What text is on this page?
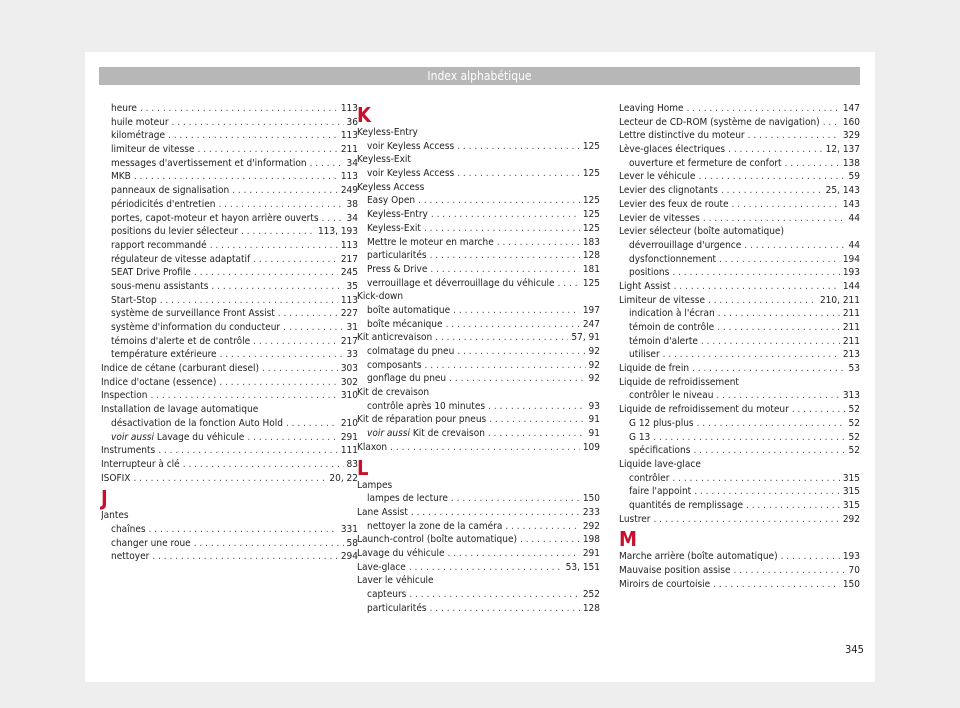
Index alphabétique
heure . . .	113
huile moteur . . .	36
kilométrage . . .	113
limiteur de vitesse . . .	211
messages d'avertissement et d'information . . .	34
MKB . . .	113
panneaux de signalisation . . .	249
périodicités d'entretien . . .	38
portes, capot-moteur et hayon arrière ouverts . . .	34
positions du levier sélecteur . . .	113, 193
rapport recommandé . . .	113
régulateur de vitesse adaptatif . . .	217
SEAT Drive Profile . . .	245
sous-menu assistants . . .	35
Start-Stop . . .	113
système de surveillance Front Assist . . .	227
système d'information du conducteur . . .	31
témoins d'alerte et de contrôle . . .	217
température extérieure . . .	33
Indice de cétane (carburant diesel) . . .	303
Indice d'octane (essence) . . .	302
Inspection . . .	310
Installation de lavage automatique
désactivation de la fonction Auto Hold . . .	210
voir aussi Lavage du véhicule . . .	291
Instruments . . .	111
Interrupteur à clé . . .	83
ISOFIX . . .	20, 22
J
Jantes
chaînes . . .	331
changer une roue . . .	58
nettoyer . . .	294
K
Keyless-Entry
voir Keyless Access . . .	125
Keyless-Exit
voir Keyless Access . . .	125
Keyless Access
Easy Open . . .	125
Keyless-Entry . . .	125
Keyless-Exit . . .	125
Mettre le moteur en marche . . .	183
particularités . . .	128
Press & Drive . . .	181
verrouillage et déverrouillage du véhicule . . .	125
Kick-down
boîte automatique . . .	197
boîte mécanique . . .	247
Kit anticrevaison . . .	57, 91
colmatage du pneu . . .	92
composants . . .	92
gonflage du pneu . . .	92
Kit de crevaison
contrôle après 10 minutes . . .	93
Kit de réparation pour pneus . . .	91
voir aussi Kit de crevaison . . .	91
Klaxon . . .	109
L
Lampes
lampes de lecture . . .	150
Lane Assist . . .	233
nettoyer la zone de la caméra . . .	292
Launch-control (boîte automatique) . . .	198
Lavage du véhicule . . .	291
Lave-glace . . .	53, 151
Laver le véhicule
capteurs . . .	252
particularités . . .	128
Leaving Home . . .	147
Lecteur de CD-ROM (système de navigation) . . . 160
Lettre distinctive du moteur . . .	329
Lève-glaces électriques . . .	12, 137
ouverture et fermeture de confort . . .	138
Lever le véhicule . . .	59
Levier des clignotants . . .	25, 143
Levier des feux de route . . .	143
Levier de vitesses . . .	44
Levier sélecteur (boîte automatique)
déverrouillage d'urgence . . .	44
dysfonctionnement . . .	194
positions . . .	193
Light Assist . . .	144
Limiteur de vitesse . . .	210, 211
indication à l'écran . . .	211
témoin de contrôle . . .	211
témoin d'alerte . . .	211
utiliser . . .	213
Liquide de frein . . .	53
Liquide de refroidissement
contrôler le niveau . . .	313
Liquide de refroidissement du moteur . . .	52
G 12 plus-plus . . .	52
G 13 . . .	52
spécifications . . .	52
Liquide lave-glace
contrôler . . .	315
faire l'appoint . . .	315
quantités de remplissage . . .	315
Lustrer . . .	292
M
Marche arrière (boîte automatique) . . .	193
Mauvaise position assise . . .	70
Miroirs de courtoisie . . .	150
345
